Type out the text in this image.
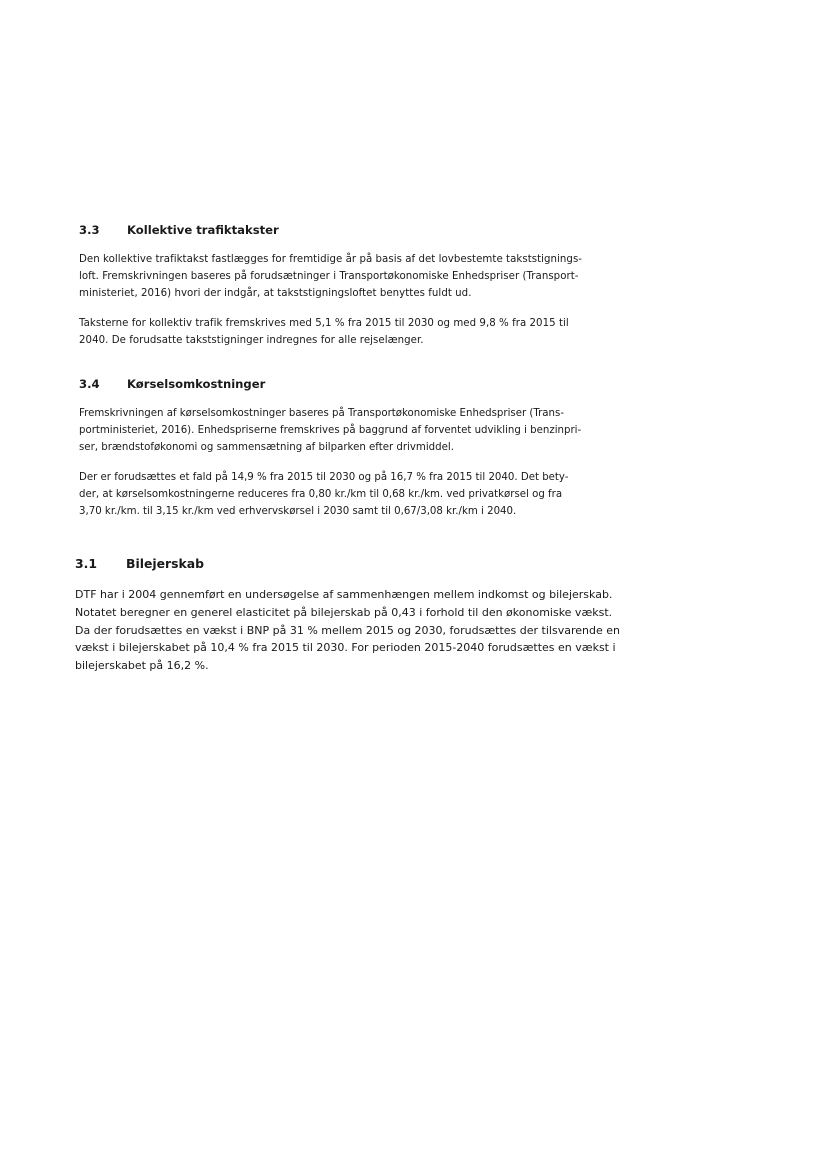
3.3	Kollektive trafiktakster

Den kollektive trafiktakst fastlægges for fremtidige år på basis af det lovbestemte takststignings-
loft. Fremskrivningen baseres på forudsætninger i Transportøkonomiske Enhedspriser (Transport-
ministeriet, 2016) hvori der indgår, at takststigningsloftet benyttes fuldt ud.

Taksterne for kollektiv trafik fremskrives med 5,1 % fra 2015 til 2030 og med 9,8 % fra 2015 til
2040. De forudsatte takststigninger indregnes for alle rejselænger.

3.4	Kørselsomkostninger

Fremskrivningen af kørselsomkostninger baseres på Transportøkonomiske Enhedspriser (Trans-
portministeriet, 2016). Enhedspriserne fremskrives på baggrund af forventet udvikling i benzinpri-
ser, brændstoføkonomi og sammensætning af bilparken efter drivmiddel.

Der er forudsættes et fald på 14,9 % fra 2015 til 2030 og på 16,7 % fra 2015 til 2040. Det bety-
der, at kørselsomkostningerne reduceres fra 0,80 kr./km til 0,68 kr./km. ved privatkørsel og fra
3,70 kr./km. til 3,15 kr./km ved erhvervskørsel i 2030 samt til 0,67/3,08 kr./km i 2040.

3.1	Bilejerskab

DTF har i 2004 gennemført en undersøgelse af sammenhængen mellem indkomst og bilejerskab.
Notatet beregner en generel elasticitet på bilejerskab på 0,43 i forhold til den økonomiske vækst.
Da der forudsættes en vækst i BNP på 31 % mellem 2015 og 2030, forudsættes der tilsvarende en
vækst i bilejerskabet på 10,4 % fra 2015 til 2030. For perioden 2015-2040 forudsættes en vækst i
bilejerskabet på 16,2 %.
